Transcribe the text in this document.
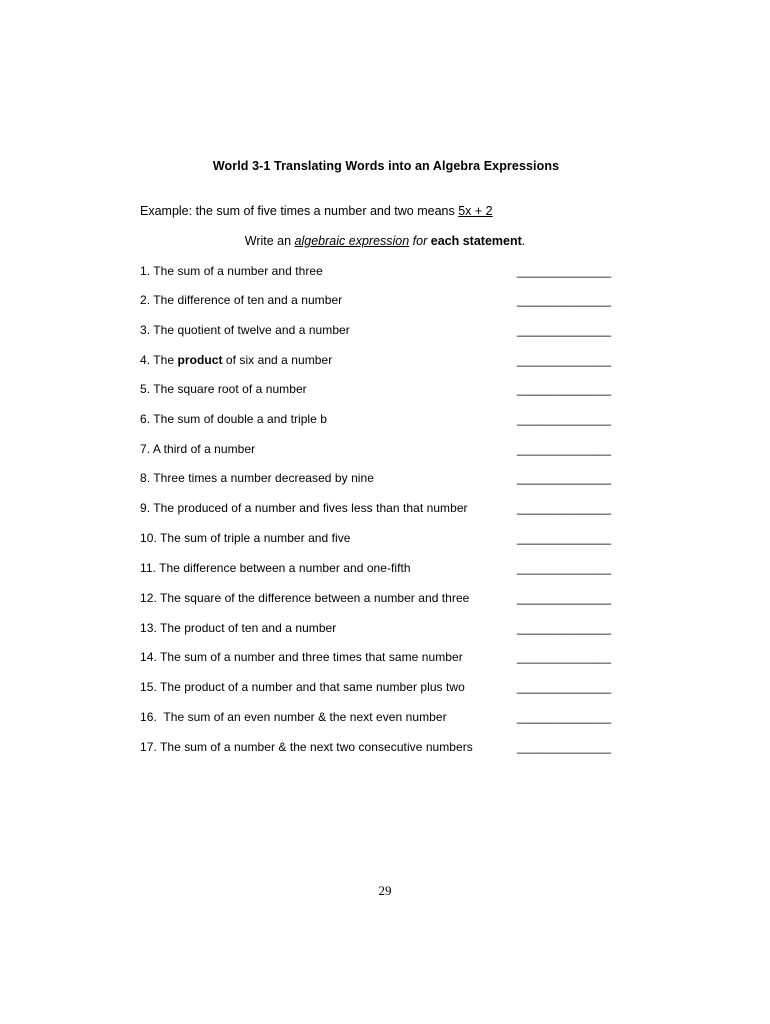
World 3-1 Translating Words into an Algebra Expressions
Example: the sum of five times a number and two means 5x + 2
Write an algebraic expression for each statement.
1. The sum of a number and three	______________
2. The difference of ten and a number	______________
3. The quotient of twelve and a number	______________
4. The product of six and a number	______________
5. The square root of a number	______________
6. The sum of double a and triple b	______________
7. A third of a number	______________
8. Three times a number decreased by nine	______________
9. The produced of a number and fives less than that number	______________
10. The sum of triple a number and five	______________
11. The difference between a number and one-fifth	______________
12. The square of the difference between a number and three	______________
13. The product of ten and a number	______________
14. The sum of a number and three times that same number	______________
15. The product of a number and that same number plus two	______________
16.  The sum of an even number & the next even number	______________
17. The sum of a number & the next two consecutive numbers	______________
29
